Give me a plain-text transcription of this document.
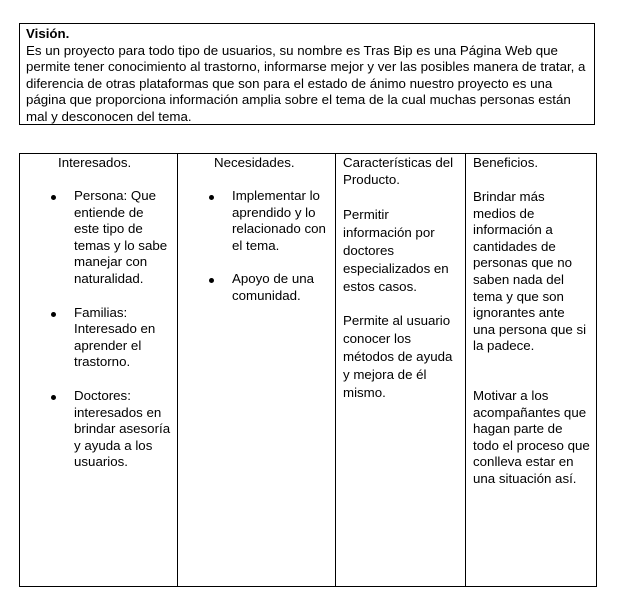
Visión.
Es un proyecto para todo tipo de usuarios, su nombre es Tras Bip es una Página Web que permite tener conocimiento al trastorno, informarse mejor y ver las posibles manera de tratar, a diferencia de otras plataformas que son para el estado de ánimo nuestro proyecto es una página que proporciona información amplia sobre el tema de la cual muchas personas están mal y desconocen del tema.
Interesados.
Persona: Que entiende de este tipo de temas y lo sabe manejar con naturalidad.
Familias: Interesado en aprender el trastorno.
Doctores: interesados en brindar asesoría y ayuda a los usuarios.
Necesidades.
Implementar lo aprendido y lo relacionado con el tema.
Apoyo de una comunidad.
Características del Producto.
Permitir información por doctores especializados en estos casos.
Permite al usuario conocer los métodos de ayuda y mejora de él mismo.
Beneficios.
Brindar más medios de información a cantidades de personas que no saben nada del tema y que son ignorantes ante una persona que si la padece.
Motivar a los acompañantes que hagan parte de todo el proceso que conlleva estar en una situación así.
